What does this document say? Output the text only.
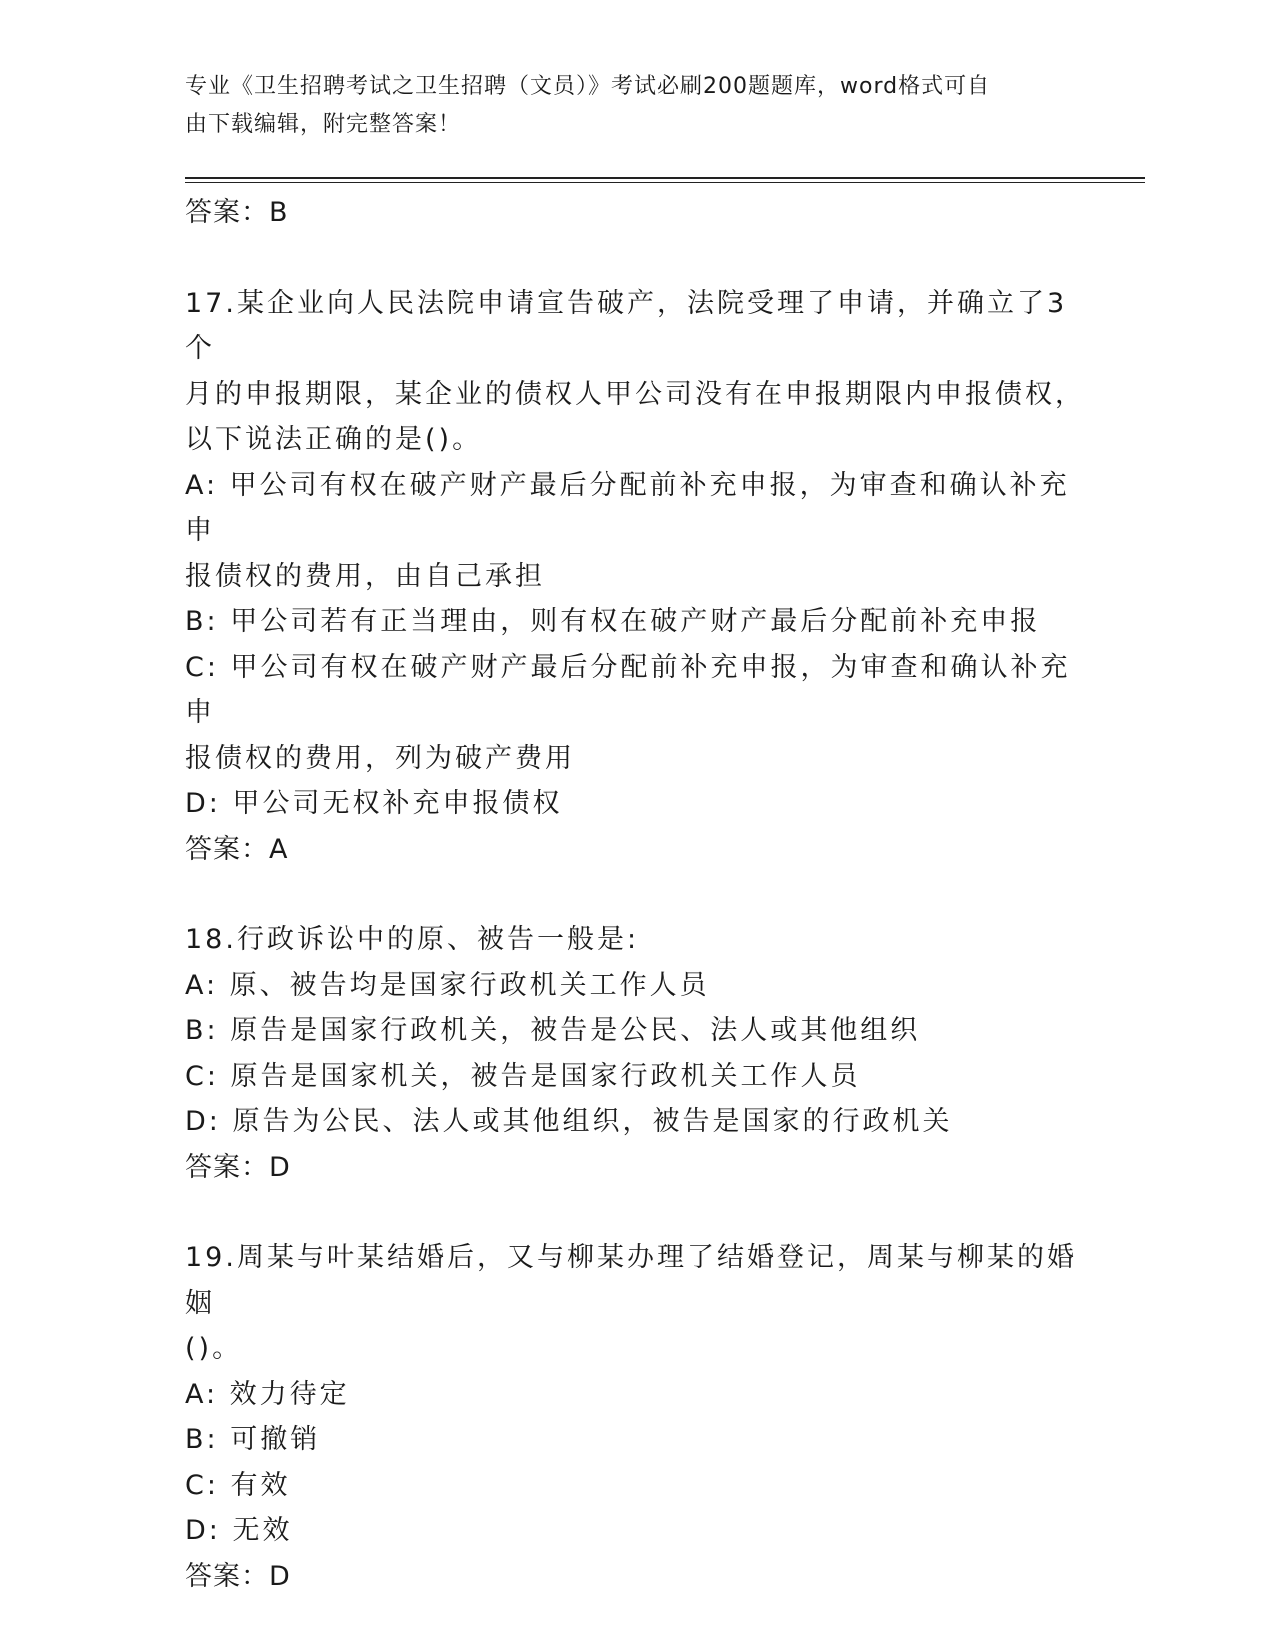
专业《卫生招聘考试之卫生招聘（文员）》考试必刷200题题库，word格式可自
由下载编辑，附完整答案！
答案：B
17.某企业向人民法院申请宣告破产，法院受理了申请，并确立了3个
月的申报期限，某企业的债权人甲公司没有在申报期限内申报债权，
以下说法正确的是()。
A: 甲公司有权在破产财产最后分配前补充申报，为审查和确认补充申
报债权的费用，由自己承担
B: 甲公司若有正当理由，则有权在破产财产最后分配前补充申报
C: 甲公司有权在破产财产最后分配前补充申报，为审查和确认补充申
报债权的费用，列为破产费用
D: 甲公司无权补充申报债权
答案：A
18.行政诉讼中的原、被告一般是:
A: 原、被告均是国家行政机关工作人员
B: 原告是国家行政机关，被告是公民、法人或其他组织
C: 原告是国家机关，被告是国家行政机关工作人员
D: 原告为公民、法人或其他组织，被告是国家的行政机关
答案：D
19.周某与叶某结婚后，又与柳某办理了结婚登记，周某与柳某的婚姻
()。
A: 效力待定
B: 可撤销
C: 有效
D: 无效
答案：D
